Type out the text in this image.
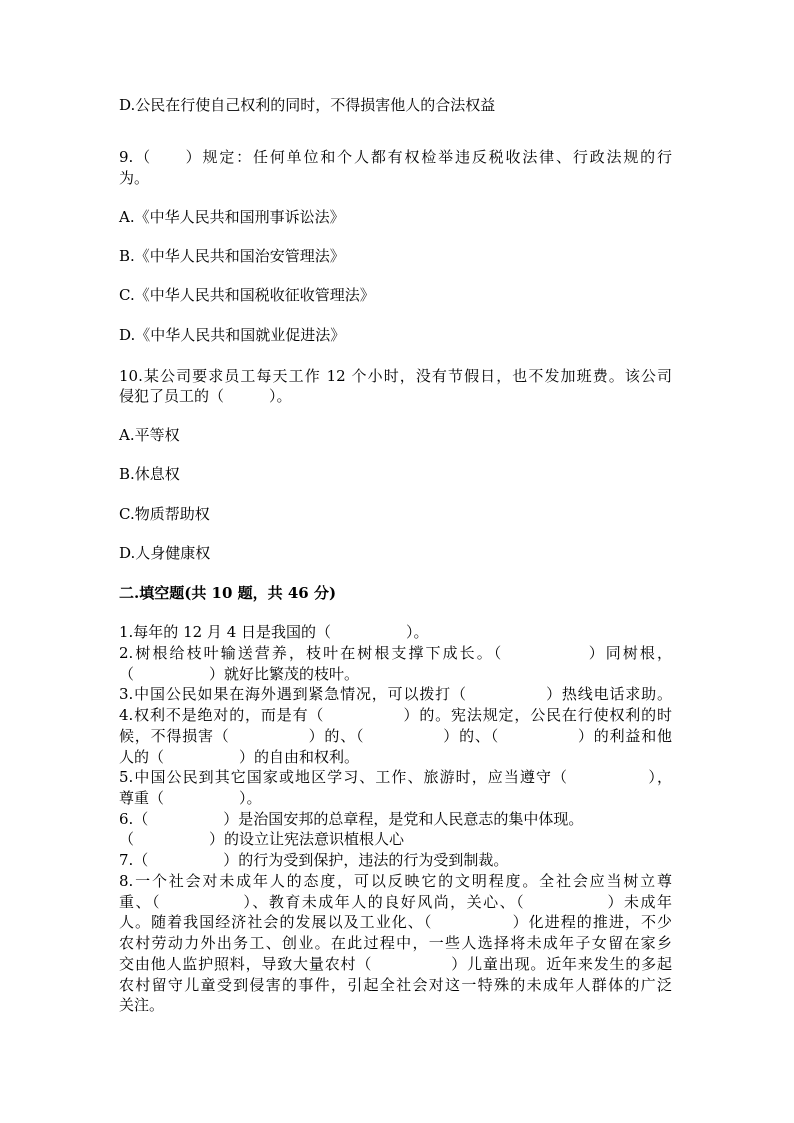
D.公民在行使自己权利的同时，不得损害他人的合法权益
9.（　　）规定：任何单位和个人都有权检举违反税收法律、行政法规的行
为。
A.《中华人民共和国刑事诉讼法》
B.《中华人民共和国治安管理法》
C.《中华人民共和国税收征收管理法》
D.《中华人民共和国就业促进法》
10.某公司要求员工每天工作 12 个小时，没有节假日，也不发加班费。该公司
侵犯了员工的（　　　）。
A.平等权
B.休息权
C.物质帮助权
D.人身健康权
二.填空题(共 10 题，共 46 分)
1.每年的 12 月 4 日是我国的（　　　　　）。
2.树根给枝叶输送营养，枝叶在树根支撑下成长。（　　　　　）同树根，
（　　　　　）就好比繁茂的枝叶。
3.中国公民如果在海外遇到紧急情况，可以拨打（　　　　　）热线电话求助。
4.权利不是绝对的，而是有（　　　　　）的。宪法规定，公民在行使权利的时
候，不得损害（　　　　　）的、（　　　　　）的、（　　　　　）的利益和他
人的（　　　　　）的自由和权利。
5.中国公民到其它国家或地区学习、工作、旅游时，应当遵守（　　　　　），
尊重（　　　　　）。
6.（　　　　　）是治国安邦的总章程，是党和人民意志的集中体现。
（　　　　　）的设立让宪法意识植根人心
7.（　　　　　）的行为受到保护，违法的行为受到制裁。
8.一个社会对未成年人的态度，可以反映它的文明程度。全社会应当树立尊
重、（　　　　　）、教育未成年人的良好风尚，关心、（　　　　　）未成年
人。随着我国经济社会的发展以及工业化、（　　　　　）化进程的推进，不少
农村劳动力外出务工、创业。在此过程中，一些人选择将未成年子女留在家乡
交由他人监护照料，导致大量农村（　　　　　）儿童出现。近年来发生的多起
农村留守儿童受到侵害的事件，引起全社会对这一特殊的未成年人群体的广泛
关注。
